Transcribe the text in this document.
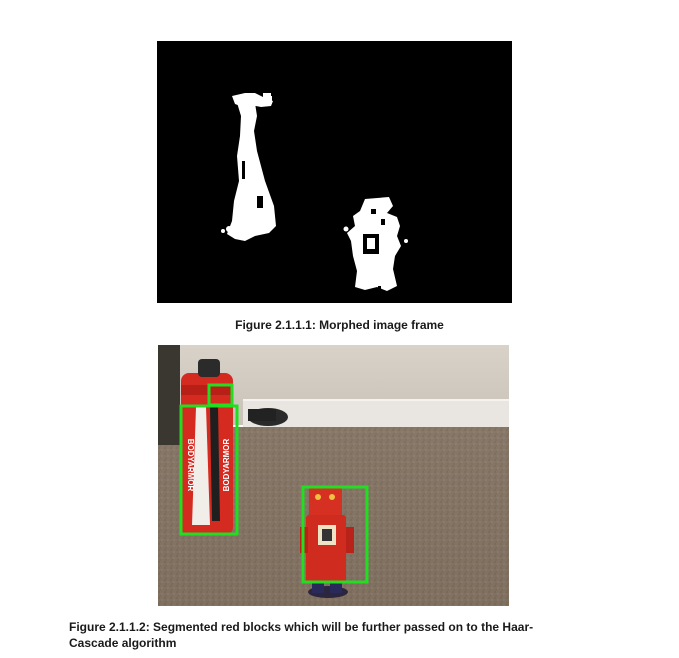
Figure 2.1.1.1: Morphed image frame
BODYARMOR	BODYARMOR
Figure 2.1.1.2: Segmented red blocks which will be further passed on to the Haar-
Cascade algorithm
